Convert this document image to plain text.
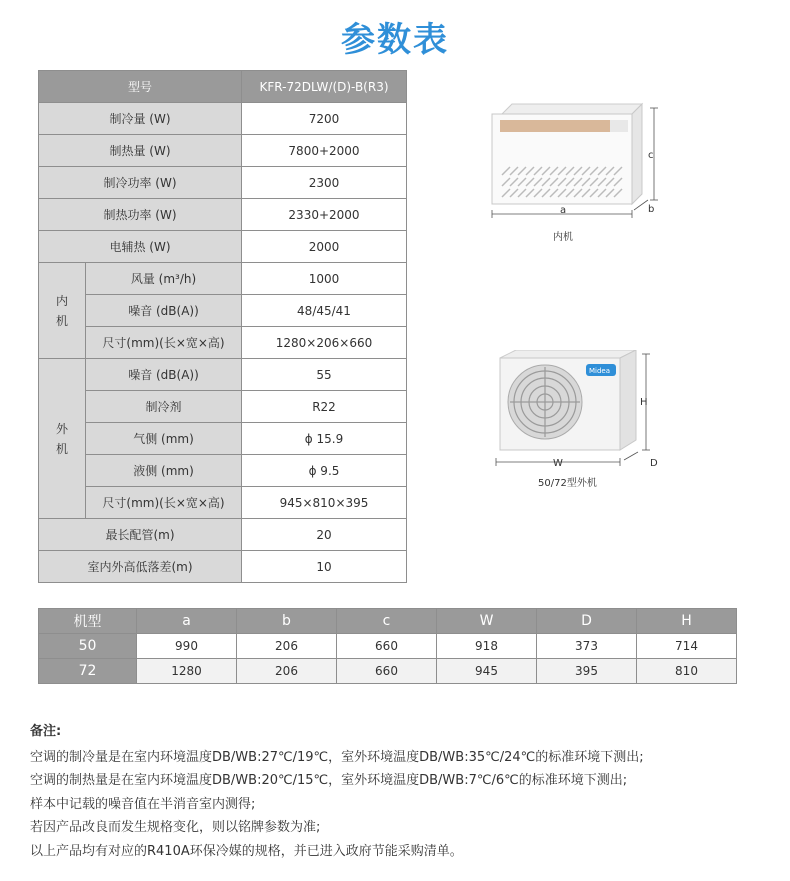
参数表
型号		KFR-72DLW/(D)-B(R3)
制冷量 (W)		7200
制热量 (W)		7800+2000
制冷功率 (W)		2300
制热功率 (W)		2330+2000
电辅热 (W)		2000

内
机	风量 (m³/h)	1000
	噪音 (dB(A))	48/45/41
	尺寸(mm)(长×宽×高)	1280×206×660

外
机	噪音 (dB(A))	55
	制冷剂	R22
	气侧 (mm)	ϕ 15.9
	液侧 (mm)	ϕ 9.5
	尺寸(mm)(长×宽×高)	945×810×395
最长配管(m)		20
室内外高低落差(m)		10
c
a	b
内机
Midea
H
W	D
50/72型外机
机型	a	b	c	W	D	H
50	990	206	660	918	373	714
72	1280	206	660	945	395	810
备注:
空调的制冷量是在室内环境温度DB/WB:27℃/19℃，室外环境温度DB/WB:35℃/24℃的标准环境下测出;
空调的制热量是在室内环境温度DB/WB:20℃/15℃，室外环境温度DB/WB:7℃/6℃的标准环境下测出;
样本中记载的噪音值在半消音室内测得;
若因产品改良而发生规格变化，则以铭牌参数为准;
以上产品均有对应的R410A环保冷媒的规格，并已进入政府节能采购清单。
